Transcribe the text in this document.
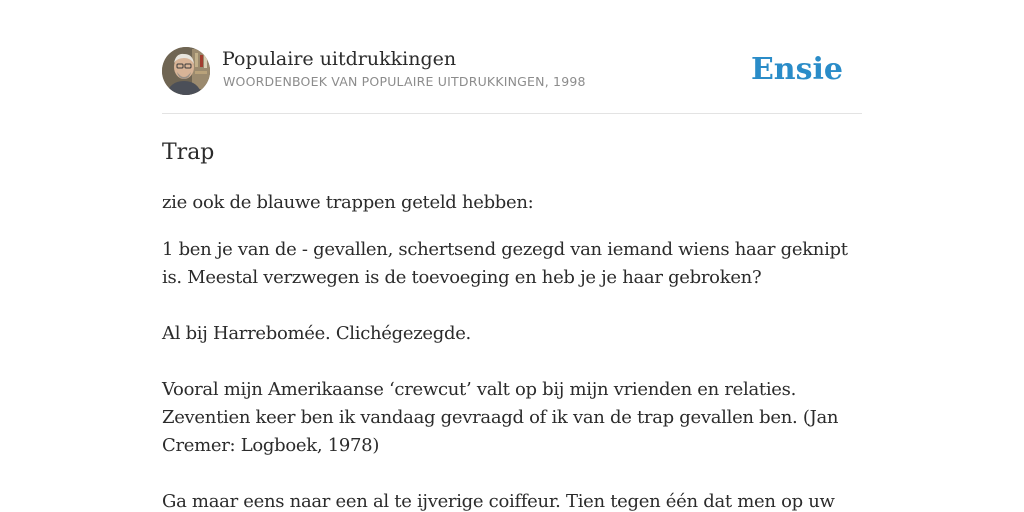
Populaire uitdrukkingen
WOORDENBOEK VAN POPULAIRE UITDRUKKINGEN, 1998	Ensie
Trap

zie ook de blauwe trappen geteld hebben:

1 ben je van de - gevallen, schertsend gezegd van iemand wiens haar geknipt is. Meestal verzwegen is de toevoeging en heb je je haar gebroken?

Al bij Harrebomée. Clichégezegde.

Vooral mijn Amerikaanse ‘crewcut’ valt op bij mijn vrienden en relaties. Zeventien keer ben ik vandaag gevraagd of ik van de trap gevallen ben. (Jan Cremer: Logboek, 1978)

Ga maar eens naar een al te ijverige coiffeur. Tien tegen één dat men op uw
